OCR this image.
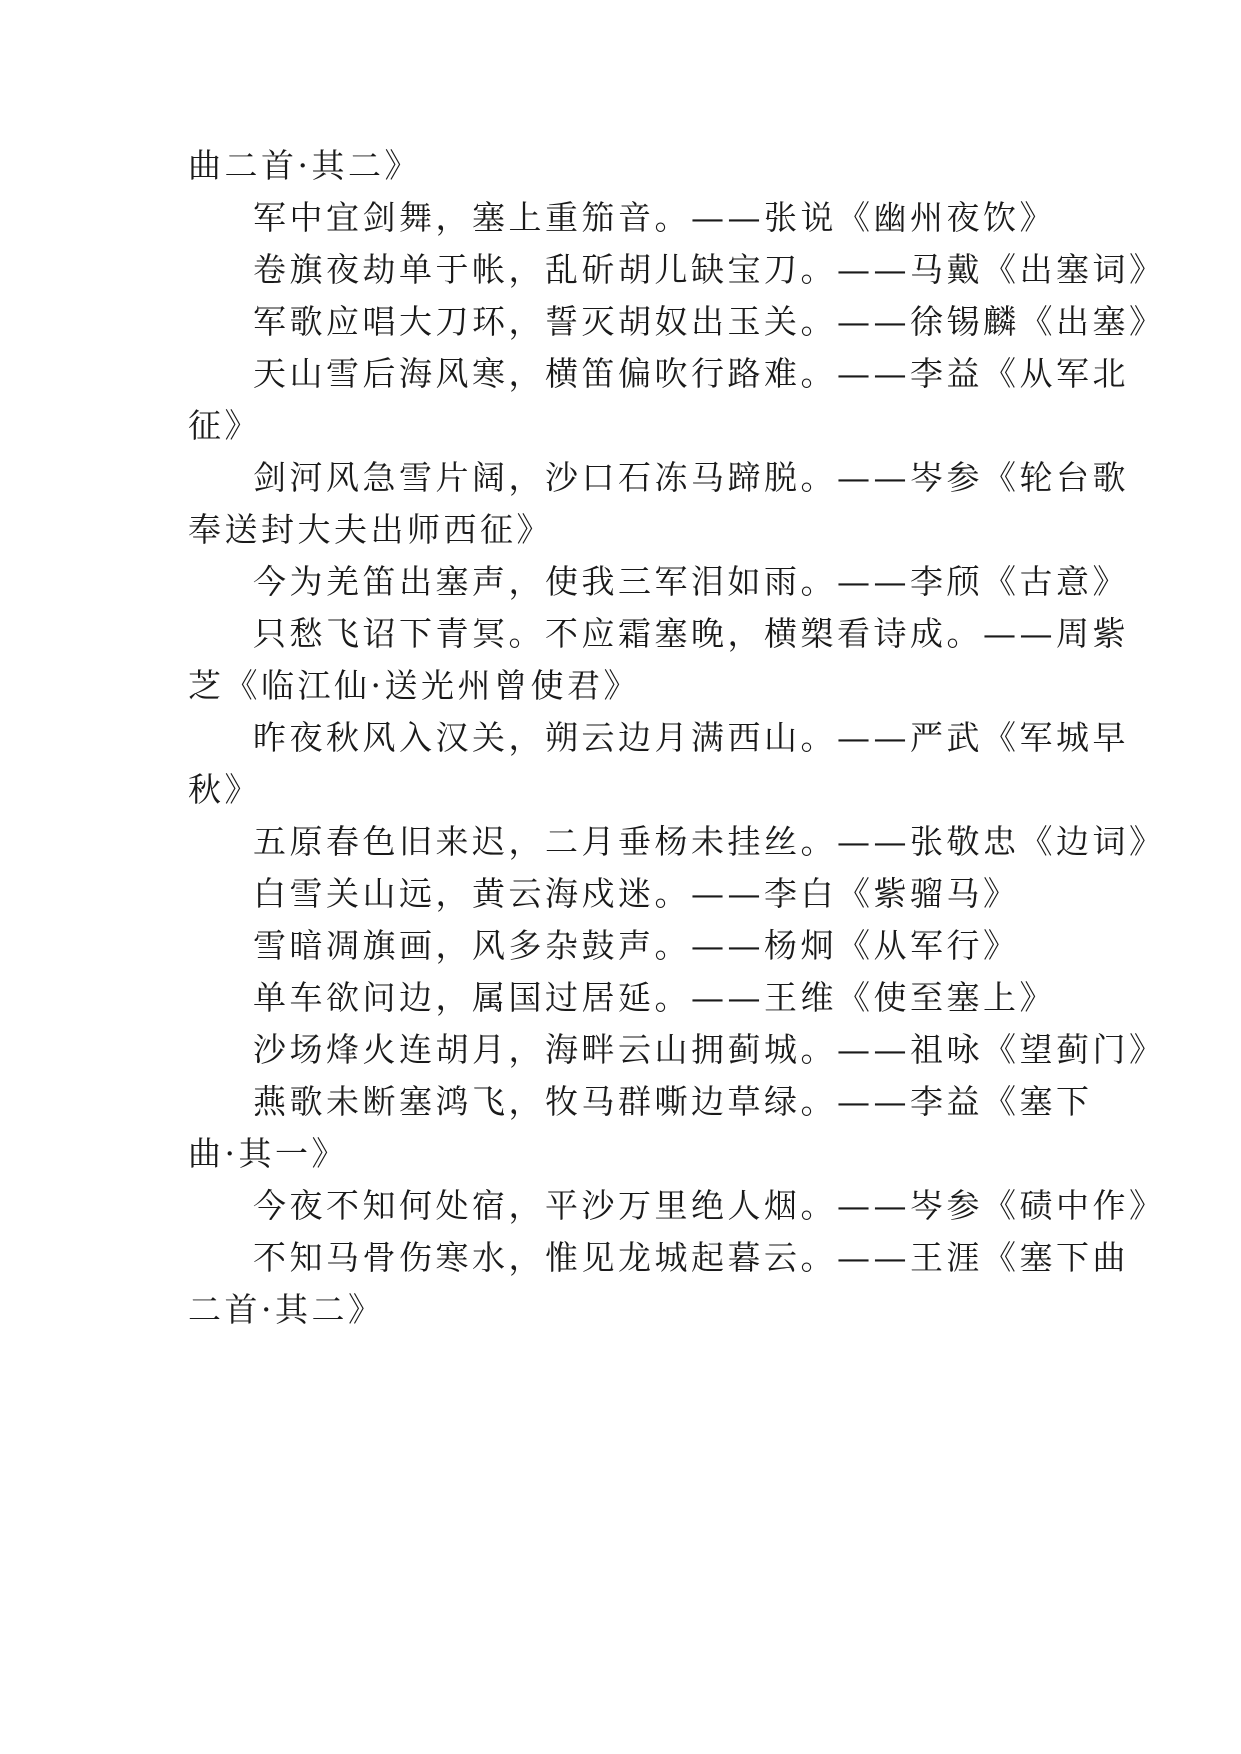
曲二首·其二》
军中宜剑舞，塞上重笳音。——张说《幽州夜饮》
卷旗夜劫单于帐，乱斫胡儿缺宝刀。——马戴《出塞词》
军歌应唱大刀环，誓灭胡奴出玉关。——徐锡麟《出塞》
天山雪后海风寒，横笛偏吹行路难。——李益《从军北
征》
剑河风急雪片阔，沙口石冻马蹄脱。——岑参《轮台歌
奉送封大夫出师西征》
今为羌笛出塞声，使我三军泪如雨。——李颀《古意》
只愁飞诏下青冥。不应霜塞晚，横槊看诗成。——周紫
芝《临江仙·送光州曾使君》
昨夜秋风入汉关，朔云边月满西山。——严武《军城早
秋》
五原春色旧来迟，二月垂杨未挂丝。——张敬忠《边词》
白雪关山远，黄云海戍迷。——李白《紫骝马》
雪暗凋旗画，风多杂鼓声。——杨炯《从军行》
单车欲问边，属国过居延。——王维《使至塞上》
沙场烽火连胡月，海畔云山拥蓟城。——祖咏《望蓟门》
燕歌未断塞鸿飞，牧马群嘶边草绿。——李益《塞下
曲·其一》
今夜不知何处宿，平沙万里绝人烟。——岑参《碛中作》
不知马骨伤寒水，惟见龙城起暮云。——王涯《塞下曲
二首·其二》
